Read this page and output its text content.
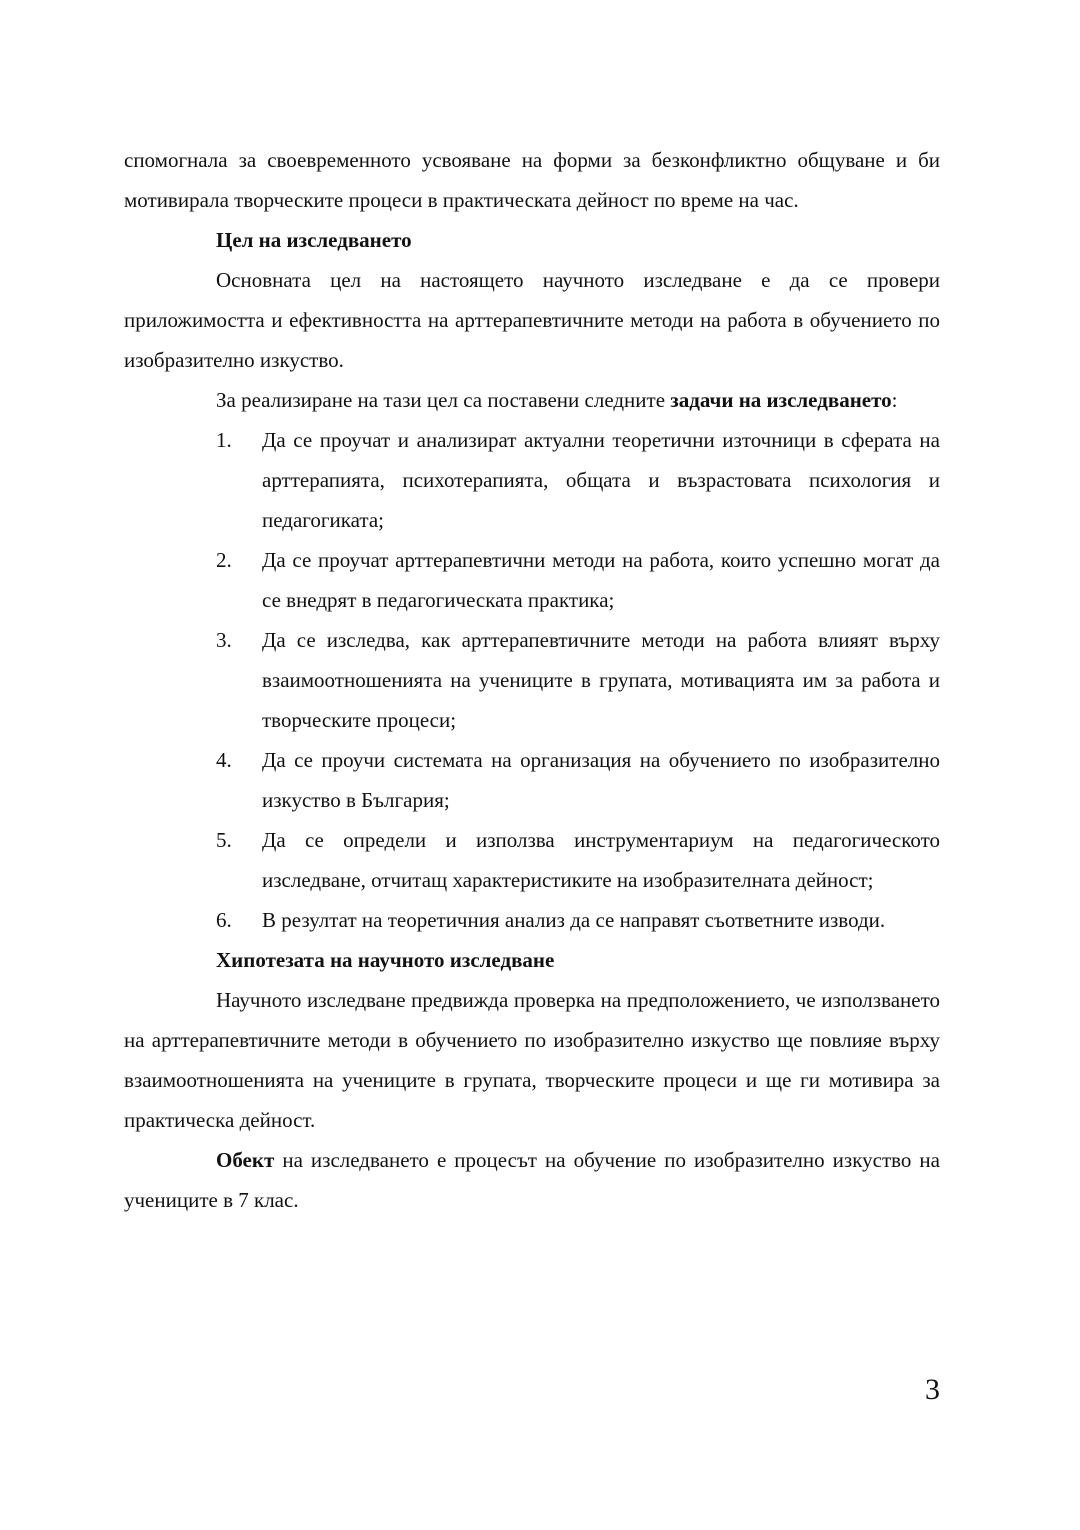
спомогнала за своевременното усвояване на форми за безконфликтно общуване и би мотивирала творческите процеси в практическата дейност по време на час.

Цел на изследването

Основната цел на настоящето научното изследване е да се провери приложимостта и ефективността на арттерапевтичните методи на работа в обучението по изобразително изкуство.

За реализиране на тази цел са поставени следните задачи на изследването:

1.	Да се проучат и анализират актуални теоретични източници в сферата на арттерапията, психотерапията, общата и възрастовата психология и педагогиката;
2.	Да се проучат арттерапевтични методи на работа, които успешно могат да се внедрят в педагогическата практика;
3.	Да се изследва, как арттерапевтичните методи на работа влияят върху взаимоотношенията на учениците в групата, мотивацията им за работа и творческите процеси;
4.	Да се проучи системата на организация на обучението по изобразително изкуство в България;
5.	Да се определи и използва инструментариум на педагогическото изследване, отчитащ характеристиките на изобразителната дейност;
6.	В резултат на теоретичния анализ да се направят съответните изводи.
Хипотезата на научното изследване

Научното изследване предвижда проверка на предположението, че използването на арттерапевтичните методи в обучението по изобразително изкуство ще повлияе върху взаимоотношенията на учениците в групата, творческите процеси и ще ги мотивира за практическа дейност.

Обект на изследването е процесът на обучение по изобразително изкуство на учениците в 7 клас.

3
